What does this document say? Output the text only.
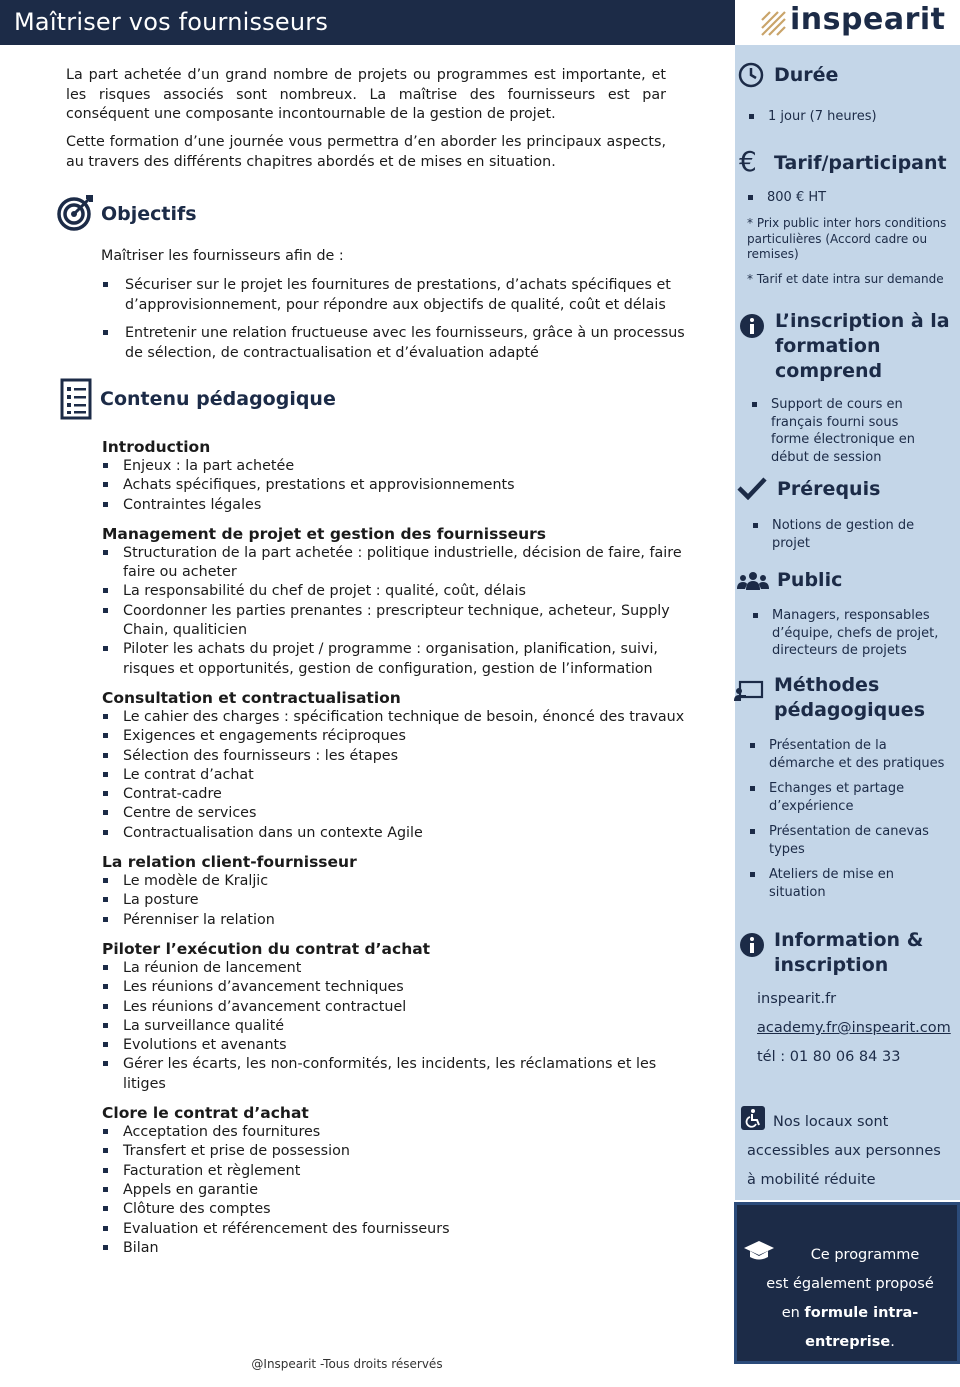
Maîtriser vos fournisseurs	inspearit

La part achetée d’un grand nombre de projets ou programmes est importante, et les risques associés sont nombreux. La maîtrise des fournisseurs est par conséquent une composante incontournable de la gestion de projet.

Cette formation d’une journée vous permettra d’en aborder les principaux aspects, au travers des différents chapitres abordés et de mises en situation.

Objectifs
Maîtriser les fournisseurs afin de :
Sécuriser sur le projet les fournitures de prestations, d’achats spécifiques et d’approvisionnement, pour répondre aux objectifs de qualité, coût et délais
Entretenir une relation fructueuse avec les fournisseurs, grâce à un processus de sélection, de contractualisation et d’évaluation adapté
Contenu pédagogique
Introduction
Enjeux : la part achetée
Achats spécifiques, prestations et approvisionnements
Contraintes légales
Management de projet et gestion des fournisseurs
Structuration de la part achetée : politique industrielle, décision de faire, faire faire ou acheter
La responsabilité du chef de projet : qualité, coût, délais
Coordonner les parties prenantes : prescripteur technique, acheteur, Supply Chain, qualiticien
Piloter les achats du projet / programme : organisation, planification, suivi, risques et opportunités, gestion de configuration, gestion de l’information
Consultation et contractualisation
Le cahier des charges : spécification technique de besoin, énoncé des travaux
Exigences et engagements réciproques
Sélection des fournisseurs : les étapes
Le contrat d’achat
Contrat-cadre
Centre de services
Contractualisation dans un contexte Agile
La relation client-fournisseur
Le modèle de Kraljic
La posture
Pérenniser la relation
Piloter l’exécution du contrat d’achat
La réunion de lancement
Les réunions d’avancement techniques
Les réunions d’avancement contractuel
La surveillance qualité
Evolutions et avenants
Gérer les écarts, les non-conformités, les incidents, les réclamations et les litiges
Clore le contrat d’achat
Acceptation des fournitures
Transfert et prise de possession
Facturation et règlement
Appels en garantie
Clôture des comptes
Evaluation et référencement des fournisseurs
Bilan
Durée
1 jour (7 heures)
€ Tarif/participant
800 € HT
* Prix public inter hors conditions particulières (Accord cadre ou remises)
* Tarif et date intra sur demande
L’inscription à la
formation
comprend
Support de cours en français fourni sous forme électronique en début de session
Prérequis
Notions de gestion de projet
Public
Managers, responsables d’équipe, chefs de projet, directeurs de projets
Méthodes
pédagogiques
Présentation de la démarche et des pratiques
Echanges et partage d’expérience
Présentation de canevas types
Ateliers de mise en situation
Information &
inscription
inspearit.fr
academy.fr@inspearit.com
tél : 01 80 06 84 33
Nos locaux sont accessibles aux personnes à mobilité réduite
Ce programme
est également proposé
en formule intra-entreprise.
@Inspearit -Tous droits réservés
